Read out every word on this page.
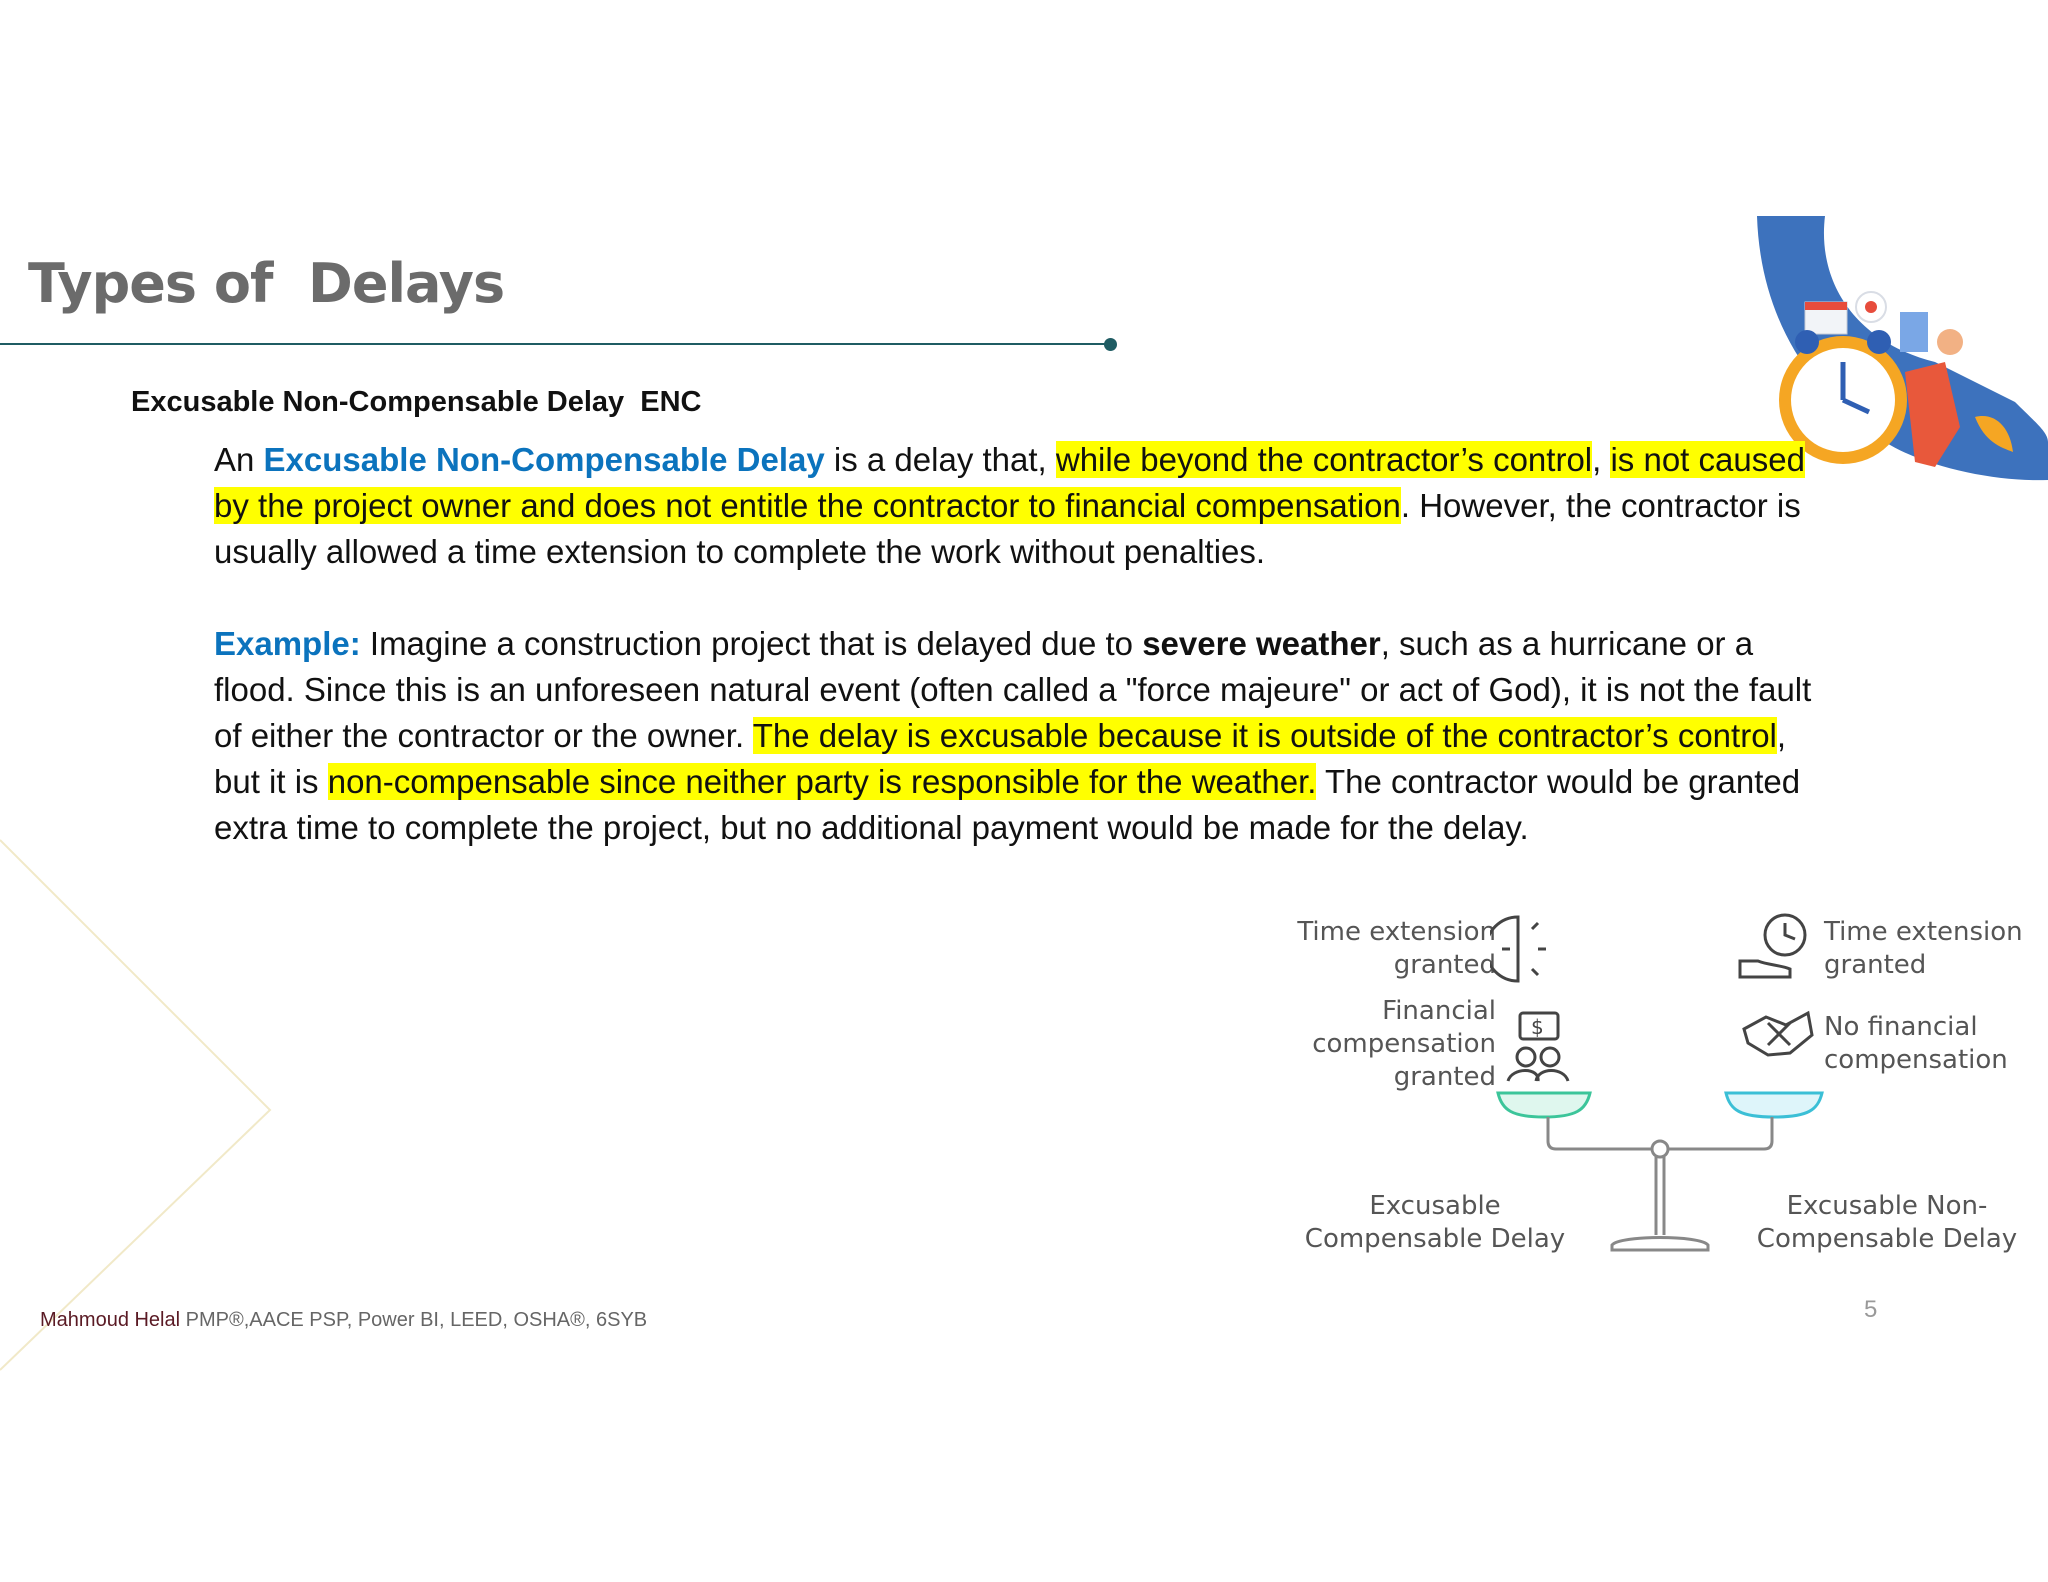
Types of  Delays
Excusable Non-Compensable Delay  ENC
An Excusable Non-Compensable Delay is a delay that, while beyond the contractor’s control, is not caused by the project owner and does not entitle the contractor to financial compensation. However, the contractor is usually allowed a time extension to complete the work without penalties.
Example: Imagine a construction project that is delayed due to severe weather, such as a hurricane or a flood. Since this is an unforeseen natural event (often called a "force majeure" or act of God), it is not the fault of either the contractor or the owner. The delay is excusable because it is outside of the contractor’s control, but it is non-compensable since neither party is responsible for the weather. The contractor would be granted extra time to complete the project, but no additional payment would be made for the delay.
Time extension
granted
Financial
compensation
granted
Excusable
Compensable Delay
Time extension
granted
No financial
compensation
Excusable Non-
Compensable Delay
$
Mahmoud Helal PMP®,AACE PSP, Power BI, LEED, OSHA®, 6SYB	5
